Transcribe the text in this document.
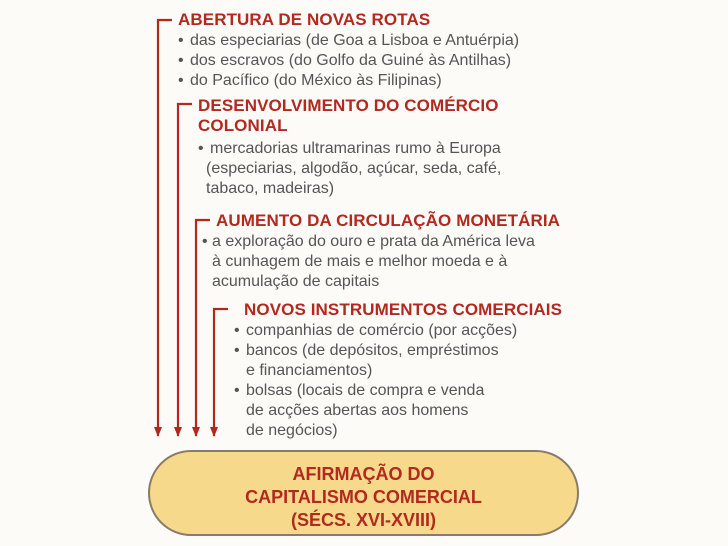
ABERTURA DE NOVAS ROTAS
• das especiarias (de Goa a Lisboa e Antuérpia)
• dos escravos (do Golfo da Guiné às Antilhas)
• do Pacífico (do México às Filipinas)
DESENVOLVIMENTO DO COMÉRCIO
COLONIAL
• mercadorias ultramarinas rumo à Europa
(especiarias, algodão, açúcar, seda, café,
tabaco, madeiras)
AUMENTO DA CIRCULAÇÃO MONETÁRIA
• a exploração do ouro e prata da América leva
à cunhagem de mais e melhor moeda e à
acumulação de capitais
NOVOS INSTRUMENTOS COMERCIAIS
• companhias de comércio (por acções)
• bancos (de depósitos, empréstimos
e financiamentos)
• bolsas (locais de compra e venda
de acções abertas aos homens
de negócios)
AFIRMAÇÃO DO
CAPITALISMO COMERCIAL
(SÉCS. XVI-XVIII)
